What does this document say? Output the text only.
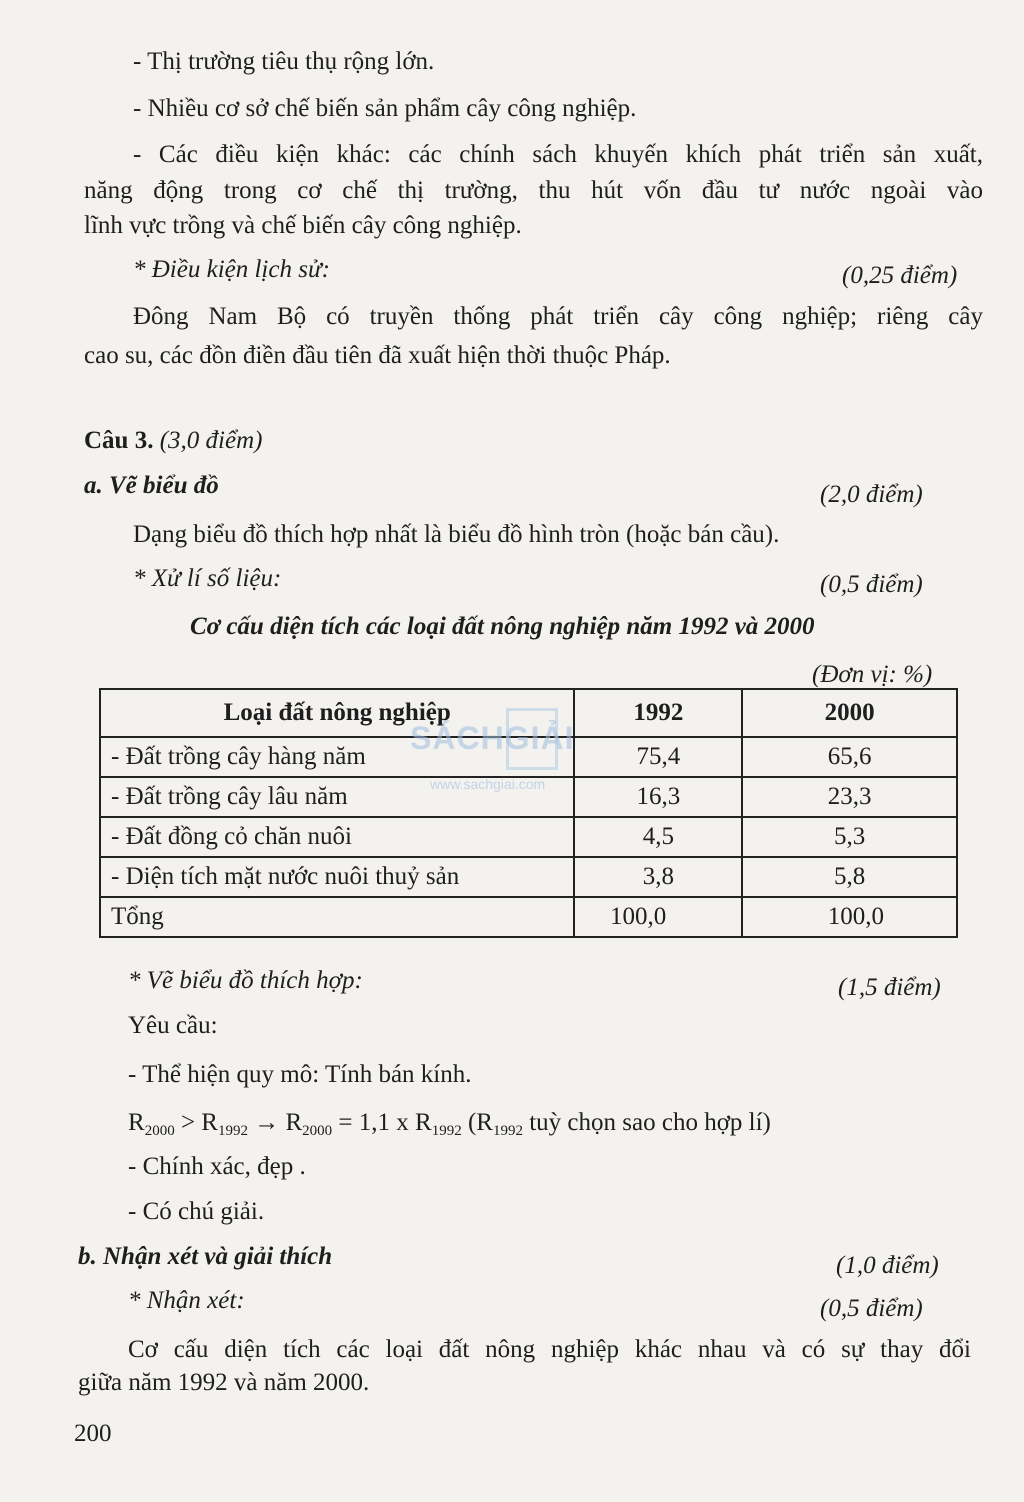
- Thị trường tiêu thụ rộng lớn.
- Nhiều cơ sở chế biến sản phẩm cây công nghiệp.
- Các điều kiện khác: các chính sách khuyến khích phát triển sản xuất,
năng động trong cơ chế thị trường, thu hút vốn đầu tư nước ngoài vào
lĩnh vực trồng và chế biến cây công nghiệp.
* Điều kiện lịch sử:	(0,25 điểm)
Đông Nam Bộ có truyền thống phát triển cây công nghiệp; riêng cây
cao su, các đồn điền đầu tiên đã xuất hiện thời thuộc Pháp.
Câu 3. (3,0 điểm)
a. Vẽ biểu đồ	(2,0 điểm)
Dạng biểu đồ thích hợp nhất là biểu đồ hình tròn (hoặc bán cầu).
* Xử lí số liệu:	(0,5 điểm)
Cơ cấu diện tích các loại đất nông nghiệp năm 1992 và 2000
(Đơn vị: %)
Loại đất nông nghiệp	1992	2000
- Đất trồng cây hàng năm	75,4	65,6
- Đất trồng cây lâu năm	16,3	23,3
- Đất đồng cỏ chăn nuôi	4,5	5,3
- Diện tích mặt nước nuôi thuỷ sản	3,8	5,8
Tổng	100,0	100,0
SÁCHGIẢI
www.sachgiai.com
* Vẽ biểu đồ thích hợp:	(1,5 điểm)
Yêu cầu:
- Thể hiện quy mô: Tính bán kính.
$R_{2000} > R_{1992} \to R_{2000} = 1,1$ x $R_{1992}$ ($R_{1992}$ tuỳ chọn sao cho hợp lí)
- Chính xác, đẹp .
- Có chú giải.
b. Nhận xét và giải thích	(1,0 điểm)
* Nhận xét:	(0,5 điểm)
Cơ cấu diện tích các loại đất nông nghiệp khác nhau và có sự thay đổi
giữa năm 1992 và năm 2000.
200
